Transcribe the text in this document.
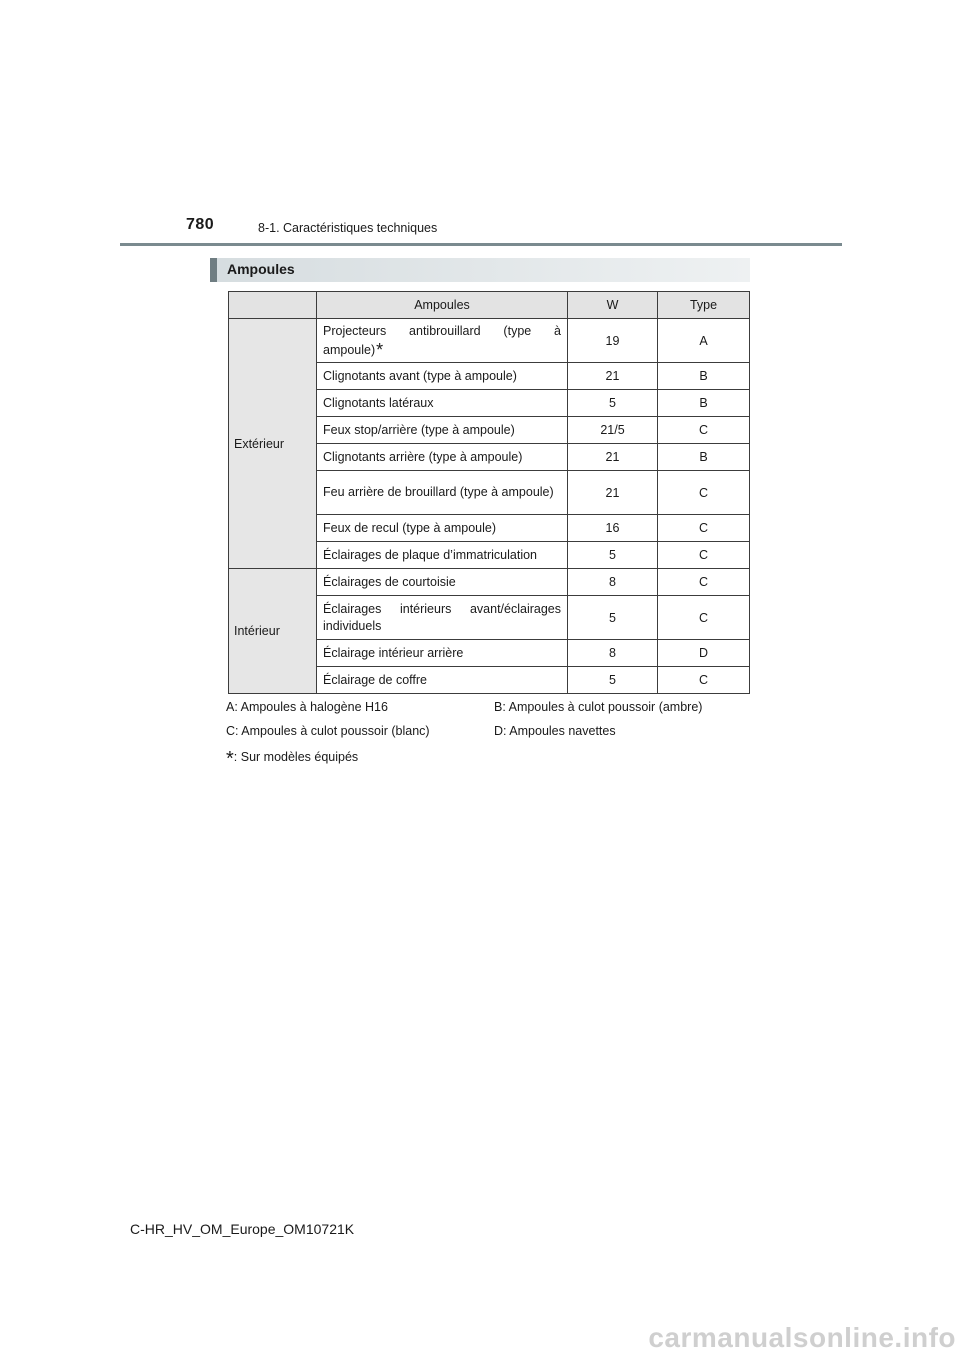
780	8-1. Caractéristiques techniques
Ampoules
	Ampoules	W	Type
Extérieur	Projecteurs antibrouillard (type à ampoule)*	19	A
	Clignotants avant (type à ampoule)	21	B
	Clignotants latéraux	5	B
	Feux stop/arrière (type à ampoule)	21/5	C
	Clignotants arrière (type à ampoule)	21	B
	Feu arrière de brouillard (type à ampoule)	21	C
	Feux de recul (type à ampoule)	16	C
	Éclairages de plaque d’immatriculation	5	C
Intérieur	Éclairages de courtoisie	8	C
	Éclairages intérieurs avant/éclairages individuels	5	C
	Éclairage intérieur arrière	8	D
	Éclairage de coffre	5	C
A: Ampoules à halogène H16	B: Ampoules à culot poussoir (ambre)
C: Ampoules à culot poussoir (blanc)	D: Ampoules navettes
*: Sur modèles équipés
C-HR_HV_OM_Europe_OM10721K
carmanualsonline.info
